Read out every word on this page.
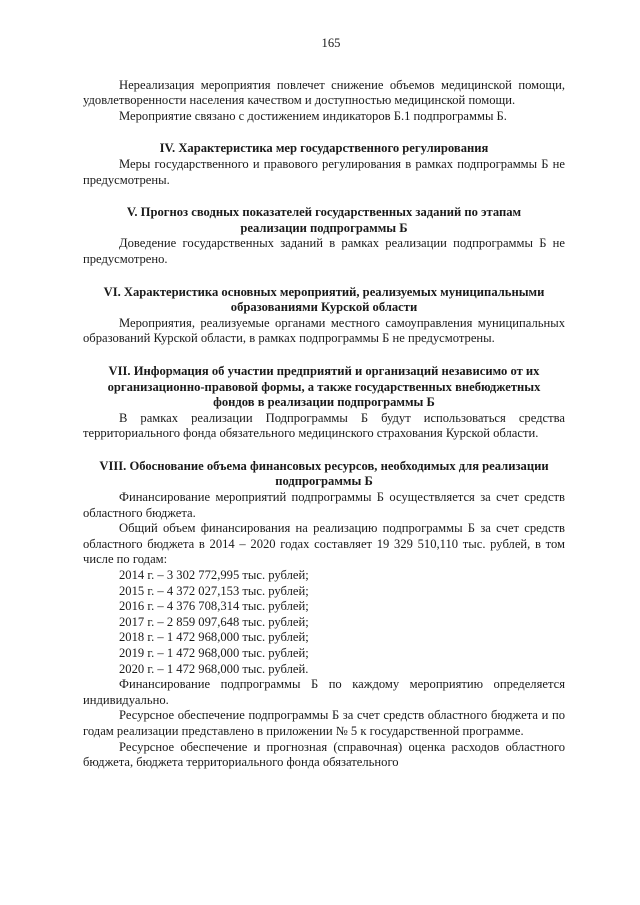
165

Нереализация мероприятия повлечет снижение объемов медицинской помощи, удовлетворенности населения качеством и доступностью медицинской помощи.

Мероприятие связано с достижением индикаторов Б.1 подпрограммы Б.

IV. Характеристика мер государственного регулирования

Меры государственного и правового регулирования в рамках подпрограммы Б не предусмотрены.

V. Прогноз сводных показателей государственных заданий по этапам реализации подпрограммы Б

Доведение государственных заданий в рамках реализации подпрограммы Б не предусмотрено.

VI. Характеристика основных мероприятий, реализуемых муниципальными образованиями Курской области

Мероприятия, реализуемые органами местного самоуправления муниципальных образований Курской области, в рамках подпрограммы Б не предусмотрены.

VII. Информация об участии предприятий и организаций независимо от их организационно-правовой формы, а также государственных внебюджетных фондов в реализации подпрограммы Б

В рамках реализации Подпрограммы Б будут использоваться средства территориального фонда обязательного медицинского страхования Курской области.

VIII. Обоснование объема финансовых ресурсов, необходимых для реализации подпрограммы Б

Финансирование мероприятий подпрограммы Б осуществляется за счет средств областного бюджета.

Общий объем финансирования на реализацию подпрограммы Б за счет средств областного бюджета в 2014 – 2020 годах составляет 19 329 510,110 тыс. рублей, в том числе по годам:

2014 г. – 3 302 772,995 тыс. рублей;
2015 г. – 4 372 027,153 тыс. рублей;
2016 г. – 4 376 708,314 тыс. рублей;
2017 г. – 2 859 097,648 тыс. рублей;
2018 г. – 1 472 968,000 тыс. рублей;
2019 г. – 1 472 968,000 тыс. рублей;
2020 г. – 1 472 968,000 тыс. рублей.

Финансирование подпрограммы Б по каждому мероприятию определяется индивидуально.

Ресурсное обеспечение подпрограммы Б за счет средств областного бюджета и по годам реализации представлено в приложении № 5 к государственной программе.

Ресурсное обеспечение и прогнозная (справочная) оценка расходов областного бюджета, бюджета территориального фонда обязательного
